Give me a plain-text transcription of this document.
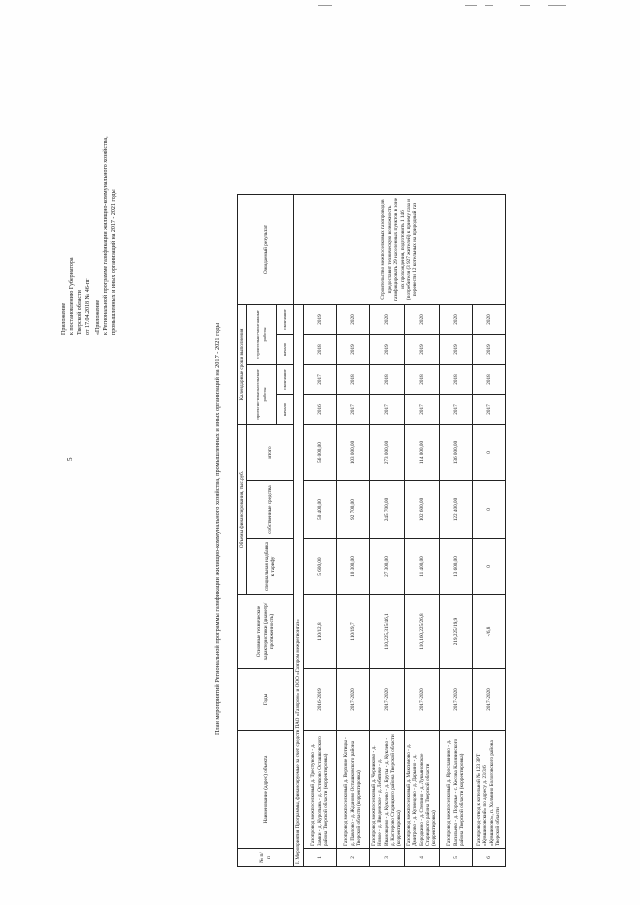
5
Приложение к постановлению Губернатора Тверской области от 17.04.2018 № 46-пг «Приложение к Региональной программе газификации жилищно-коммунального хозяйства, промышленных и иных организаций на 2017 - 2021 годы
План мероприятий Региональной программы газификации жилищно-коммунального хозяйства, промышленных и иных организаций на 2017 - 2021 годы
№ п/п	Наименование (адрес) объекта	Годы	Основные технические характеристики (диаметр/ протяженность)	Объемы финансирования, тыс.руб.			Календарные сроки выполнения				Ожидаемый результат
				специальная надбавка к тарифу	собственные средства	итого	проектно-изыскательские работы		строительно-монтажные работы		
							начало	окончание	начало	окончание	
I. Мероприятия Программы, финансируемые за счет средств ПАО «Газпром» и ООО «Газпром межрегионгаз»											Строительство межпоселковых газопроводов предоставит техническую возможность газифицировать 29 населенных пунктов в зоне их прохождения, подготовить 1 146 (потребителя (3 927 жителей) к приему газа и перевести 12 котельных на природный газ
1	Газопровод межпоселковый д. Трестуново - д. Замки - д. Куротынь - д. Остяхово Осташковского района Тверской области (корректировка)	2016-2019	110/12,8	5 600,00	50 400,00	56 000,00	2016	2017	2018	2019	
2	Газопровод межпоселковый д. Верхние Котицы - д. Павлово - д. Жданово Осташковского района Тверской области (корректировка)	2017-2020	110/19,7	10 300,00	92 700,00	103 000,00	2017	2018	2019	2020	
3	Газопровод межпоселковый д. Черниково - д. Новое - д. Введенское - д. Лебятиче - д. Ивановцево - д. Куклево - д. Брусы - д. Куклево - д. Кастерово Старицкого района Тверской области (корректировка)	2017-2020	110,225,315/46,1	27 300,00	245 700,00	273 000,00	2017	2018	2019	2020	
4	Газопровод межпоселковый д. Максимово - д. Дмитрово - д. Кузнецово - д. Дарьино - д. Бородкино - д. Степино - д. Лукьяновское Старицкого района Тверской области (корректировка)	2017-2020	110,160,225/26,8	11 400,00	102 600,00	114 000,00	2017	2018	2019	2020	
5	Газопровод межпоселковый д. Ярославнино - д. Васильево - д. Порочье - с. Кесова Калязинского района Тверской области (корректировка)	2017-2020	219,225/19,9	13 600,00	122 400,00	136 000,00	2017	2018	2019	2020	
6	Газопровод-отвод к котельной № 123 ЗРТ «Кувшиновский» по адресу д. 23/3/6 «Кувшиново», п. Холмино Бологовского района Тверской области	2017-2020	-/6,8	0	0	0	2017	2018	2019	2020	
